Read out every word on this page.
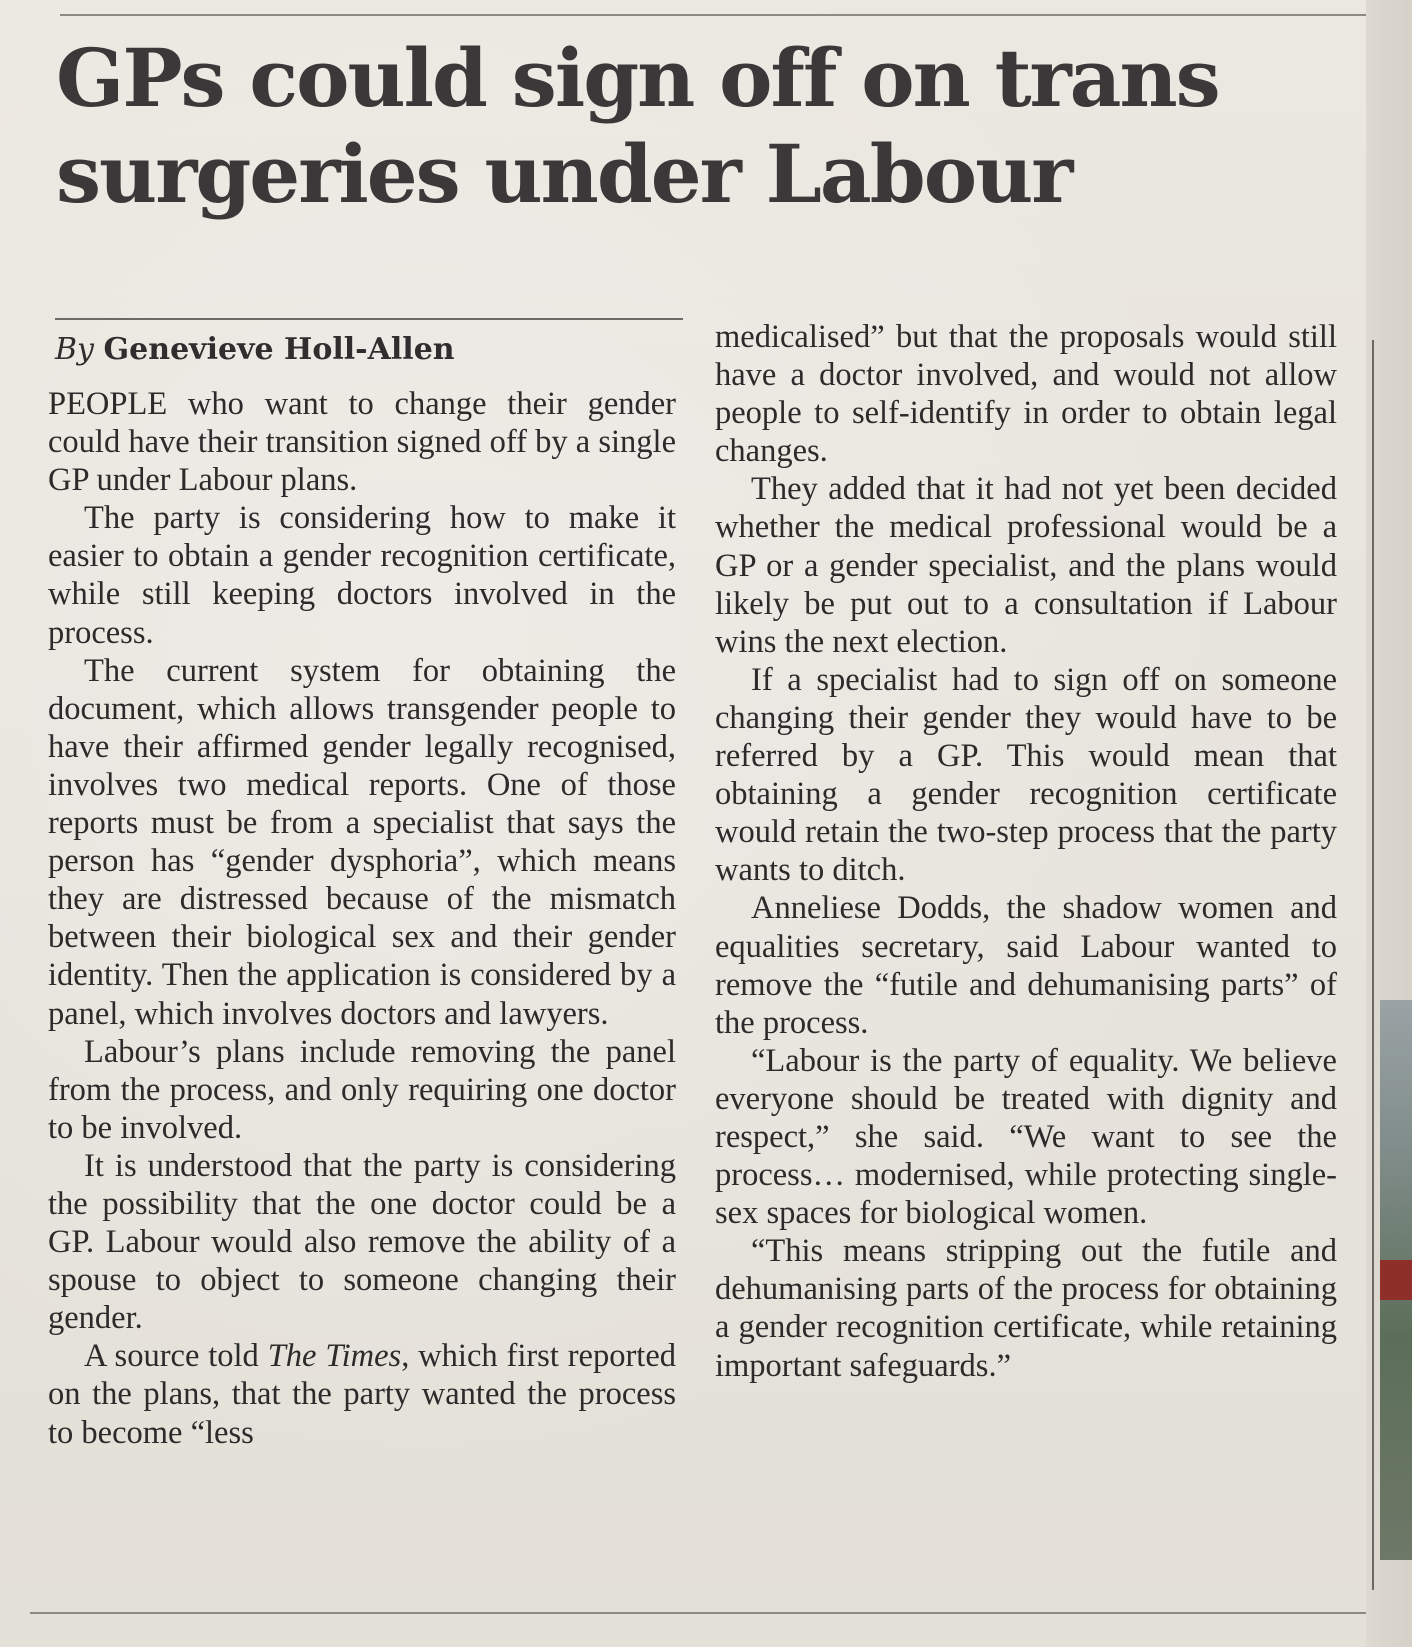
GPs could sign off on trans surgeries under Labour
By Genevieve Holl-Allen

PEOPLE who want to change their gender could have their transition signed off by a single GP under Labour plans.

The party is considering how to make it easier to obtain a gender recognition certificate, while still keeping doctors involved in the process.

The current system for obtaining the document, which allows transgender people to have their affirmed gender legally recognised, involves two medical reports. One of those reports must be from a specialist that says the person has “gender dysphoria”, which means they are distressed because of the mismatch between their biological sex and their gender identity. Then the application is considered by a panel, which involves doctors and lawyers.

Labour’s plans include removing the panel from the process, and only requiring one doctor to be involved.

It is understood that the party is considering the possibility that the one doctor could be a GP. Labour would also remove the ability of a spouse to object to someone changing their gender.

A source told The Times, which first reported on the plans, that the party wanted the process to become “less

medicalised” but that the proposals would still have a doctor involved, and would not allow people to self-identify in order to obtain legal changes.

They added that it had not yet been decided whether the medical professional would be a GP or a gender specialist, and the plans would likely be put out to a consultation if Labour wins the next election.

If a specialist had to sign off on someone changing their gender they would have to be referred by a GP. This would mean that obtaining a gender recognition certificate would retain the two-step process that the party wants to ditch.

Anneliese Dodds, the shadow women and equalities secretary, said Labour wanted to remove the “futile and dehumanising parts” of the process.

“Labour is the party of equality. We believe everyone should be treated with dignity and respect,” she said. “We want to see the process… modernised, while protecting single-sex spaces for biological women.

“This means stripping out the futile and dehumanising parts of the process for obtaining a gender recognition certificate, while retaining important safeguards.”
